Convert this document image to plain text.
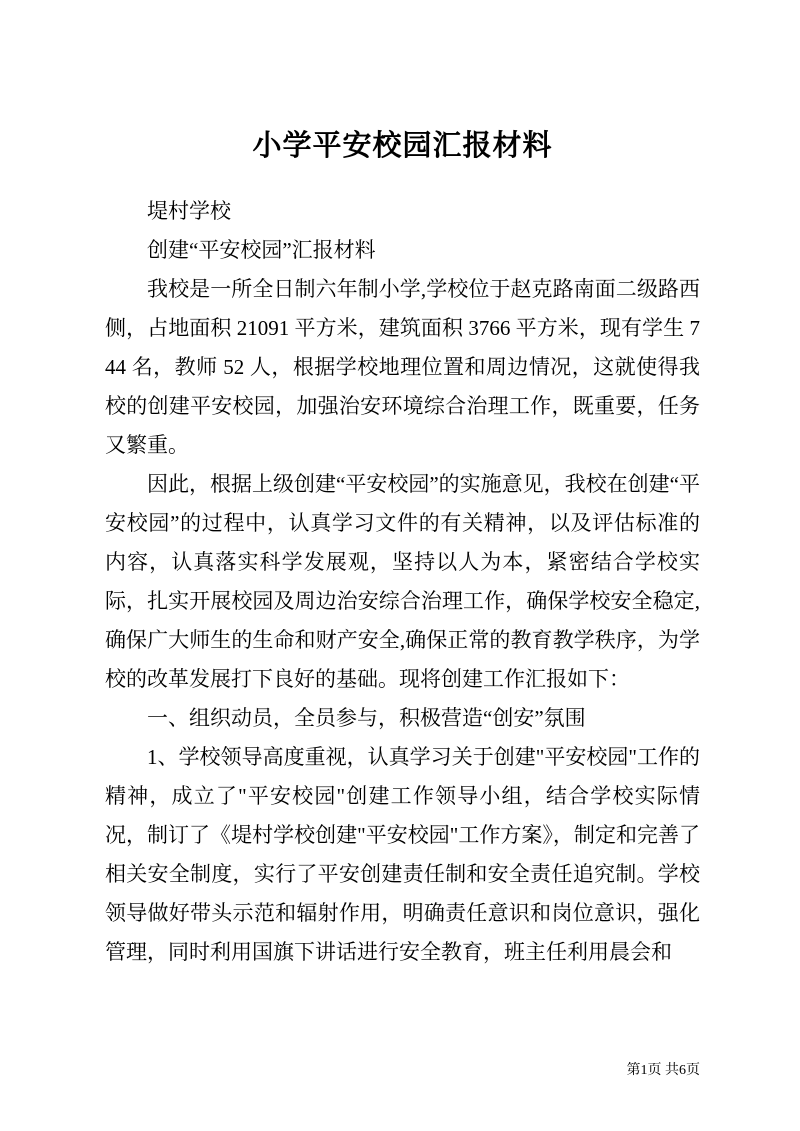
小学平安校园汇报材料

堤村学校

创建“平安校园”汇报材料

我校是一所全日制六年制小学,学校位于赵克路南面二级路西侧，占地面积 21091 平方米，建筑面积 3766 平方米，现有学生 744 名，教师 52 人，根据学校地理位置和周边情况，这就使得我校的创建平安校园，加强治安环境综合治理工作，既重要，任务又繁重。

因此，根据上级创建“平安校园”的实施意见，我校在创建“平安校园”的过程中，认真学习文件的有关精神，以及评估标准的内容，认真落实科学发展观，坚持以人为本，紧密结合学校实际，扎实开展校园及周边治安综合治理工作，确保学校安全稳定,确保广大师生的生命和财产安全,确保正常的教育教学秩序，为学校的改革发展打下良好的基础。现将创建工作汇报如下：

一、组织动员，全员参与，积极营造“创安”氛围

1、学校领导高度重视，认真学习关于创建"平安校园"工作的精神，成立了"平安校园"创建工作领导小组，结合学校实际情况，制订了《堤村学校创建"平安校园"工作方案》，制定和完善了相关安全制度，实行了平安创建责任制和安全责任追究制。学校领导做好带头示范和辐射作用，明确责任意识和岗位意识，强化管理，同时利用国旗下讲话进行安全教育，班主任利用晨会和

第1页 共6页
